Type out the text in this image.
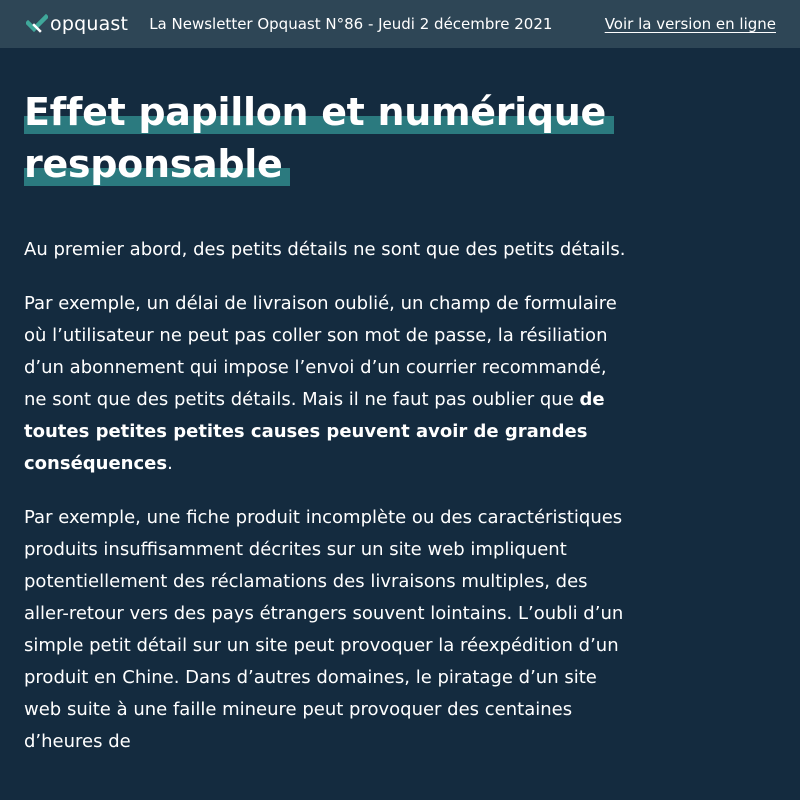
opquast La Newsletter Opquast N°86 - Jeudi 2 décembre 2021	Voir la version en ligne
Effet papillon et numérique responsable

Au premier abord, des petits détails ne sont que des petits détails.

Par exemple, un délai de livraison oublié, un champ de formulaire où l’utilisateur ne peut pas coller son mot de passe, la résiliation d’un abonnement qui impose l’envoi d’un courrier recommandé, ne sont que des petits détails. Mais il ne faut pas oublier que de toutes petites petites causes peuvent avoir de grandes conséquences.

Par exemple, une fiche produit incomplète ou des caractéristiques produits insuffisamment décrites sur un site web impliquent potentiellement des réclamations des livraisons multiples, des aller-retour vers des pays étrangers souvent lointains. L’oubli d’un simple petit détail sur un site peut provoquer la réexpédition d’un produit en Chine. Dans d’autres domaines, le piratage d’un site web suite à une faille mineure peut provoquer des centaines d’heures de
